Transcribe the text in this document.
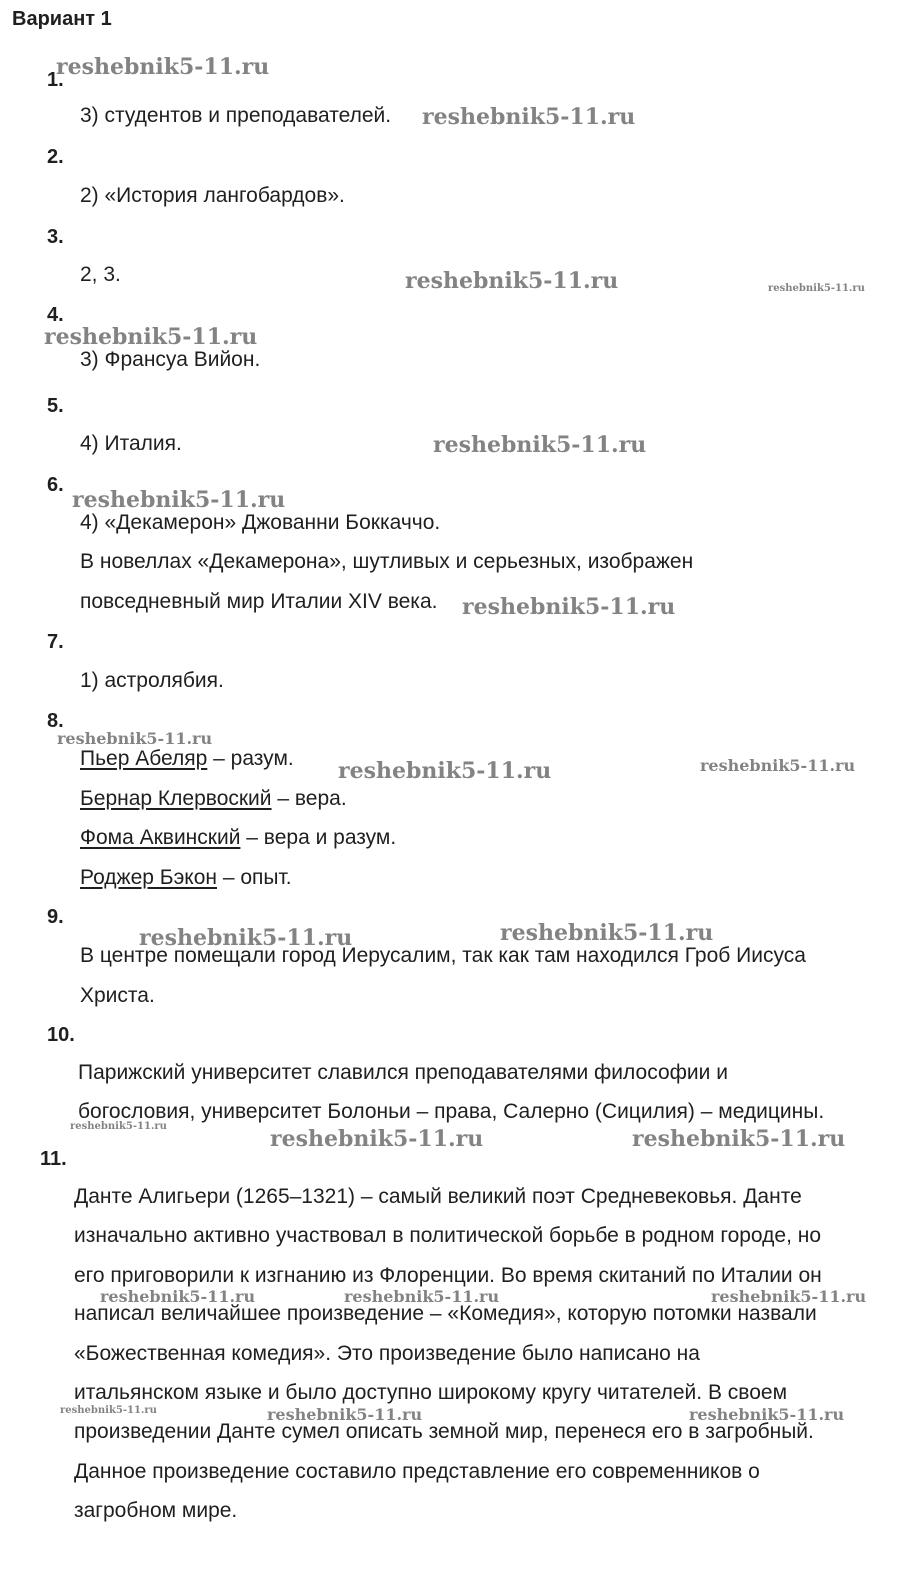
Вариант 1
1.
3) студентов и преподавателей.
2.
2) «История лангобардов».
3.
2, 3.
4.
3) Франсуа Вийон.
5.
4) Италия.
6.
4) «Декамерон» Джованни Боккаччо.
В новеллах «Декамерона», шутливых и серьезных, изображен
повседневный мир Италии XIV века.
7.
1) астролябия.
8.
Пьер Абеляр – разум.
Бернар Клервоский – вера.
Фома Аквинский – вера и разум.
Роджер Бэкон – опыт.
9.
В центре помещали город Иерусалим, так как там находился Гроб Иисуса
Христа.
10.
Парижский университет славился преподавателями философии и
богословия, университет Болоньи – права, Салерно (Сицилия) – медицины.
11.
Данте Алигьери (1265–1321) – самый великий поэт Средневековья. Данте
изначально активно участвовал в политической борьбе в родном городе, но
его приговорили к изгнанию из Флоренции. Во время скитаний по Италии он
написал величайшее произведение – «Комедия», которую потомки назвали
«Божественная комедия». Это произведение было написано на
итальянском языке и было доступно широкому кругу читателей. В своем
произведении Данте сумел описать земной мир, перенеся его в загробный.
Данное произведение составило представление его современников о
загробном мире.
reshebnik5-11.ru
reshebnik5-11.ru
reshebnik5-11.ru	reshebnik5-11.ru
reshebnik5-11.ru
reshebnik5-11.ru
reshebnik5-11.ru
reshebnik5-11.ru
reshebnik5-11.ru
reshebnik5-11.ru	reshebnik5-11.ru
reshebnik5-11.ru	reshebnik5-11.ru
reshebnik5-11.ru	reshebnik5-11.ru	reshebnik5-11.ru
reshebnik5-11.ru	reshebnik5-11.ru	reshebnik5-11.ru
reshebnik5-11.ru	reshebnik5-11.ru	reshebnik5-11.ru
